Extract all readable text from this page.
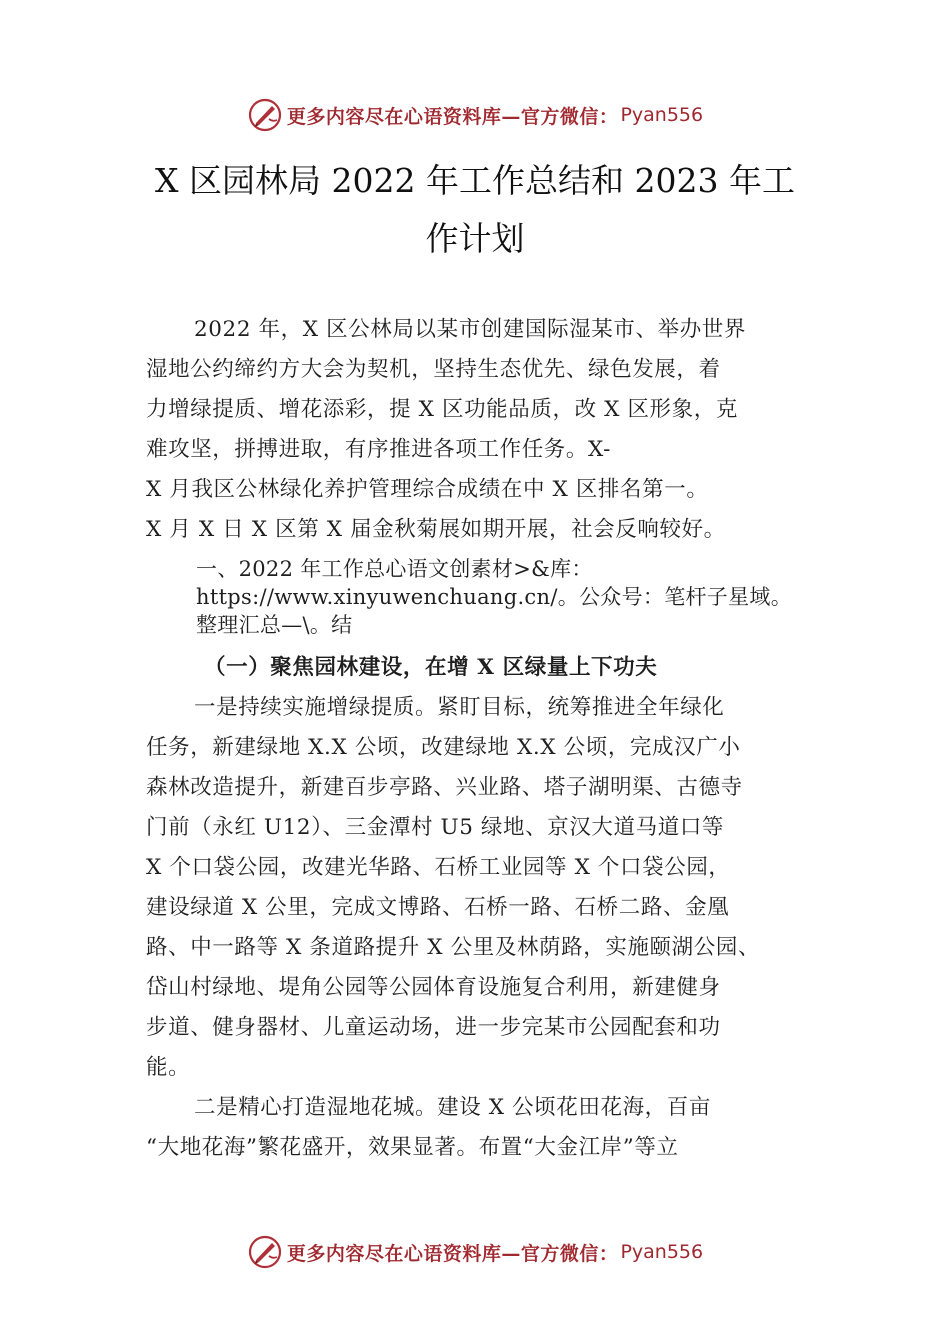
更多内容尽在心语资料库 —官方微信： Pyan556
X 区园林局 2022 年工作总结和 2023 年工
作计划
2022 年，X 区公林局以某市创建国际湿某市、举办世界
湿地公约缔约方大会为契机，坚持生态优先、绿色发展，着
力增绿提质、增花添彩，提 X 区功能品质，改 X 区形象，克
难攻坚，拼搏进取，有序推进各项工作任务。X-
X 月我区公林绿化养护管理综合成绩在中 X 区排名第一。
X 月 X 日 X 区第 X 届金秋菊展如期开展，社会反响较好。
一、2022 年工作总心语文创素材>&库：
https://www.xinyuwenchuang.cn/。公众号：笔杆子星域。
整理汇总—\。结
（一）聚焦园林建设，在增 X 区绿量上下功夫
一是持续实施增绿提质。紧盯目标，统筹推进全年绿化
任务，新建绿地 X.X 公顷，改建绿地 X.X 公顷，完成汉广小
森林改造提升，新建百步亭路、兴业路、塔子湖明渠、古德寺
门前（永红 U12）、三金潭村 U5 绿地、京汉大道马道口等
X 个口袋公园，改建光华路、石桥工业园等 X 个口袋公园，
建设绿道 X 公里，完成文博路、石桥一路、石桥二路、金凰
路、中一路等 X 条道路提升 X 公里及林荫路，实施颐湖公园、
岱山村绿地、堤角公园等公园体育设施复合利用，新建健身
步道、健身器材、儿童运动场，进一步完某市公园配套和功
能。
二是精心打造湿地花城。建设 X 公顷花田花海，百亩
“大地花海”繁花盛开，效果显著。布置“大金江岸”等立
更多内容尽在心语资料库 —官方微信： Pyan556
